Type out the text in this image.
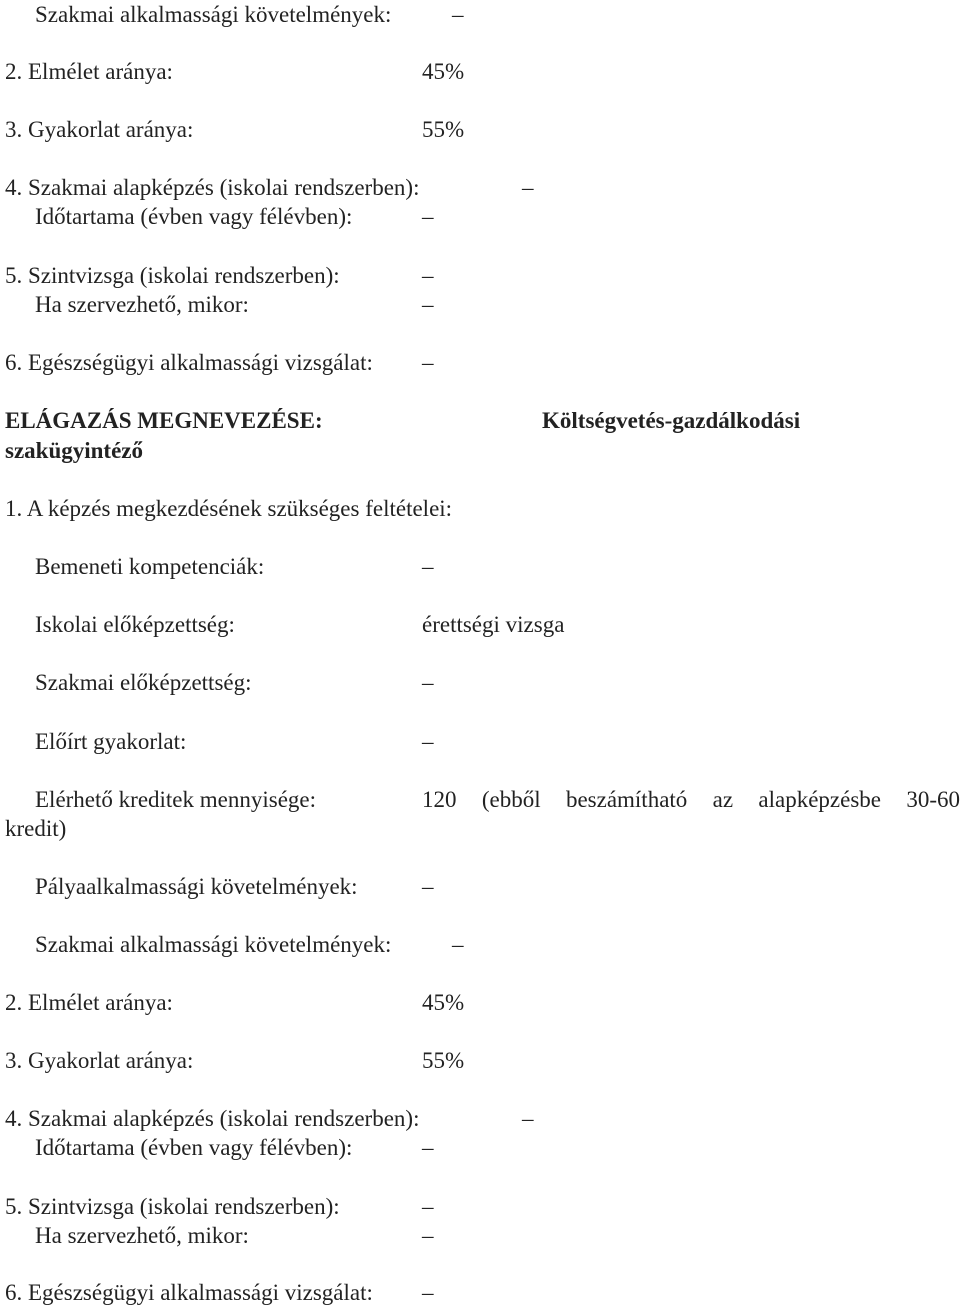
Szakmai alkalmassági követelmények:	–
2. Elmélet aránya:	45%
3. Gyakorlat aránya:	55%
4. Szakmai alapképzés (iskolai rendszerben):	–
Időtartama (évben vagy félévben):	–
5. Szintvizsga (iskolai rendszerben):	–
Ha szervezhető, mikor:	–
6. Egészségügyi alkalmassági vizsgálat: –
ELÁGAZÁS MEGNEVEZÉSE:	Költségvetés-gazdálkodási
szakügyintéző
1. A képzés megkezdésének szükséges feltételei:
Bemeneti kompetenciák:	–
Iskolai előképzettség:	érettségi vizsga
Szakmai előképzettség:	–
Előírt gyakorlat:	–
Elérhető kreditek mennyisége:	120 (ebből beszámítható az alapképzésbe 30-60
kredit)
Pályaalkalmassági követelmények:	–
Szakmai alkalmassági követelmények:	–
2. Elmélet aránya:	45%
3. Gyakorlat aránya:	55%
4. Szakmai alapképzés (iskolai rendszerben):	–
Időtartama (évben vagy félévben):	–
5. Szintvizsga (iskolai rendszerben):	–
Ha szervezhető, mikor:	–
6. Egészségügyi alkalmassági vizsgálat: –
